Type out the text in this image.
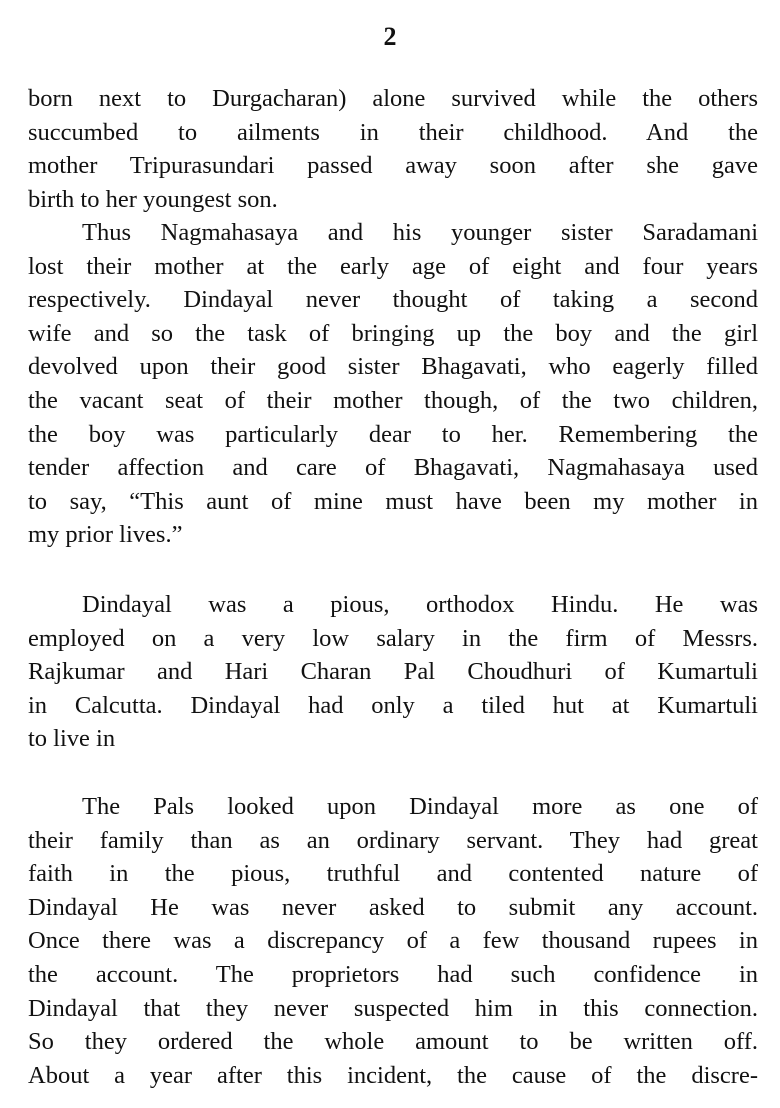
2
born next to Durgacharan) alone survived while the others
succumbed to ailments in their childhood. And the
mother Tripurasundari passed away soon after she gave
birth to her youngest son.
Thus Nagmahasaya and his younger sister Saradamani
lost their mother at the early age of eight and four years
respectively. Dindayal never thought of taking a second
wife and so the task of bringing up the boy and the girl
devolved upon their good sister Bhagavati, who eagerly filled
the vacant seat of their mother though, of the two children,
the boy was particularly dear to her. Remembering the
tender affection and care of Bhagavati, Nagmahasaya used
to say, “This aunt of mine must have been my mother in
my prior lives.”
Dindayal was a pious, orthodox Hindu. He was
employed on a very low salary in the firm of Messrs.
Rajkumar and Hari Charan Pal Choudhuri of Kumartuli
in Calcutta. Dindayal had only a tiled hut at Kumartuli
to live in
The Pals looked upon Dindayal more as one of
their family than as an ordinary servant. They had great
faith in the pious, truthful and contented nature of
Dindayal He was never asked to submit any account.
Once there was a discrepancy of a few thousand rupees in
the account. The proprietors had such confidence in
Dindayal that they never suspected him in this connection.
So they ordered the whole amount to be written off.
About a year after this incident, the cause of the discre-
